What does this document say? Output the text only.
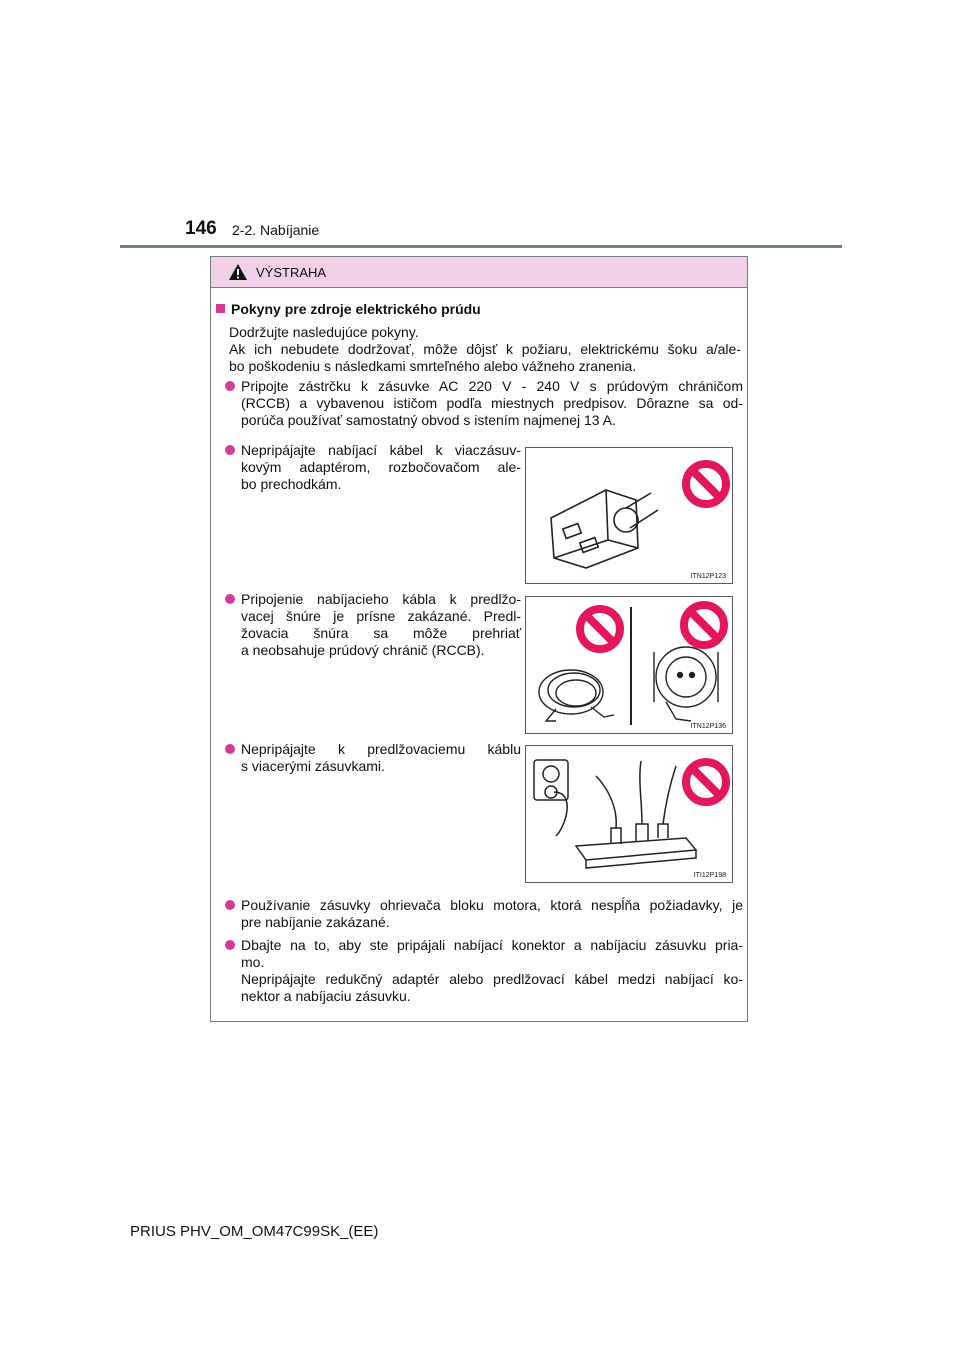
146 2-2. Nabíjanie
VÝSTRAHA
Pokyny pre zdroje elektrického prúdu
Dodržujte nasledujúce pokyny.
Ak ich nebudete dodržovať, môže dôjsť k požiaru, elektrickému šoku a/ale-
bo poškodeniu s následkami smrteľného alebo vážneho zranenia.
Pripojte zástrčku k zásuvke AC 220 V - 240 V s prúdovým chráničom
(RCCB) a vybavenou ističom podľa miestnych predpisov. Dôrazne sa od-
porúča používať samostatný obvod s istením najmenej 13 A.
Nepripájajte nabíjací kábel k viaczásuv-
kovým adaptérom, rozbočovačom ale-
bo prechodkám.
ITN12P123
Pripojenie nabíjacieho kábla k predlžo-
vacej šnúre je prísne zakázané. Predl-
žovacia šnúra sa môže prehriať
a neobsahuje prúdový chránič (RCCB).
ITN12P136
Nepripájajte k predlžovaciemu káblu
s viacerými zásuvkami.
ITI12P198
Používanie zásuvky ohrievača bloku motora, ktorá nespĺňa požiadavky, je
pre nabíjanie zakázané.
Dbajte na to, aby ste pripájali nabíjací konektor a nabíjaciu zásuvku pria-
mo.
Nepripájajte redukčný adaptér alebo predlžovací kábel medzi nabíjací ko-
nektor a nabíjaciu zásuvku.
PRIUS PHV_OM_OM47C99SK_(EE)
